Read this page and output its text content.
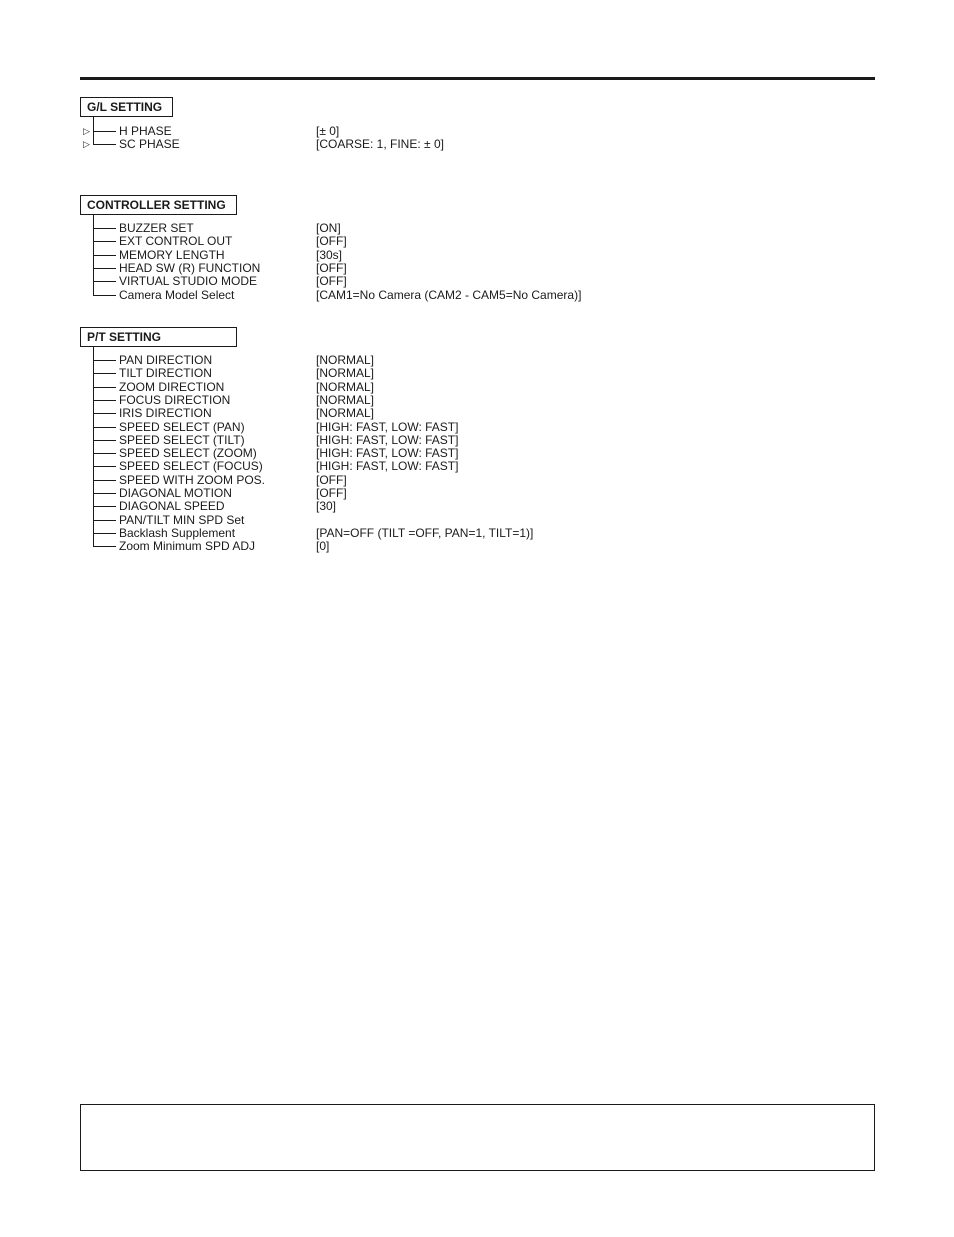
G/L SETTING
▷ H PHASE	[± 0]
▷ SC PHASE	[COARSE: 1, FINE: ± 0]
CONTROLLER SETTING
BUZZER SET	[ON]
EXT CONTROL OUT	[OFF]
MEMORY LENGTH	[30s]
HEAD SW (R) FUNCTION	[OFF]
VIRTUAL STUDIO MODE	[OFF]
Camera Model Select	[CAM1=No Camera (CAM2 - CAM5=No Camera)]
P/T SETTING
PAN DIRECTION	[NORMAL]
TILT DIRECTION	[NORMAL]
ZOOM DIRECTION	[NORMAL]
FOCUS DIRECTION	[NORMAL]
IRIS DIRECTION	[NORMAL]
SPEED SELECT (PAN)	[HIGH: FAST, LOW: FAST]
SPEED SELECT (TILT)	[HIGH: FAST, LOW: FAST]
SPEED SELECT (ZOOM)	[HIGH: FAST, LOW: FAST]
SPEED SELECT (FOCUS)	[HIGH: FAST, LOW: FAST]
SPEED WITH ZOOM POS.	[OFF]
DIAGONAL MOTION	[OFF]
DIAGONAL SPEED	[30]
PAN/TILT MIN SPD Set
Backlash Supplement	[PAN=OFF (TILT =OFF, PAN=1, TILT=1)]
Zoom Minimum SPD ADJ	[0]
